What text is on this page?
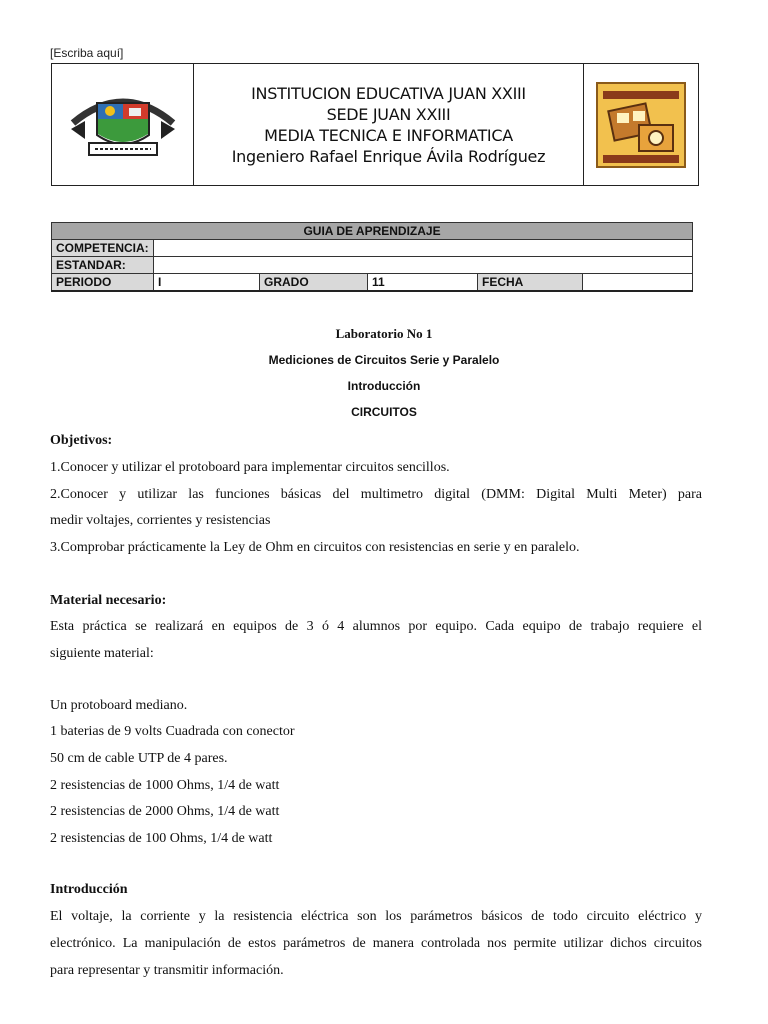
[Escriba aquí]
INSTITUCION EDUCATIVA JUAN XXIII
SEDE JUAN XXIII
MEDIA TECNICA E INFORMATICA
Ingeniero Rafael Enrique Ávila Rodríguez
GUIA DE APRENDIZAJE					
COMPETENCIA:					
ESTANDAR:					
PERIODO	I	GRADO	11	FECHA	
Laboratorio No 1
Mediciones de Circuitos Serie y Paralelo
Introducción
CIRCUITOS
Objetivos:
1.Conocer y utilizar el protoboard para implementar circuitos sencillos.
2.Conocer y utilizar las funciones básicas del multimetro digital (DMM: Digital Multi Meter) para
medir voltajes, corrientes y resistencias
3.Comprobar prácticamente la Ley de Ohm en circuitos con resistencias en serie y en paralelo.
Material necesario:
Esta práctica se realizará en equipos de 3 ó 4 alumnos por equipo. Cada equipo de trabajo requiere el
siguiente material:
Un protoboard mediano.
1 baterias de 9 volts Cuadrada con conector
50 cm de cable UTP de 4 pares.
2 resistencias de 1000 Ohms, 1/4 de watt
2 resistencias de 2000 Ohms, 1/4 de watt
2 resistencias de 100 Ohms, 1/4 de watt
Introducción
El voltaje, la corriente y la resistencia eléctrica son los parámetros básicos de todo circuito eléctrico y
electrónico. La manipulación de estos parámetros de manera controlada nos permite utilizar dichos circuitos
para representar y transmitir información.
